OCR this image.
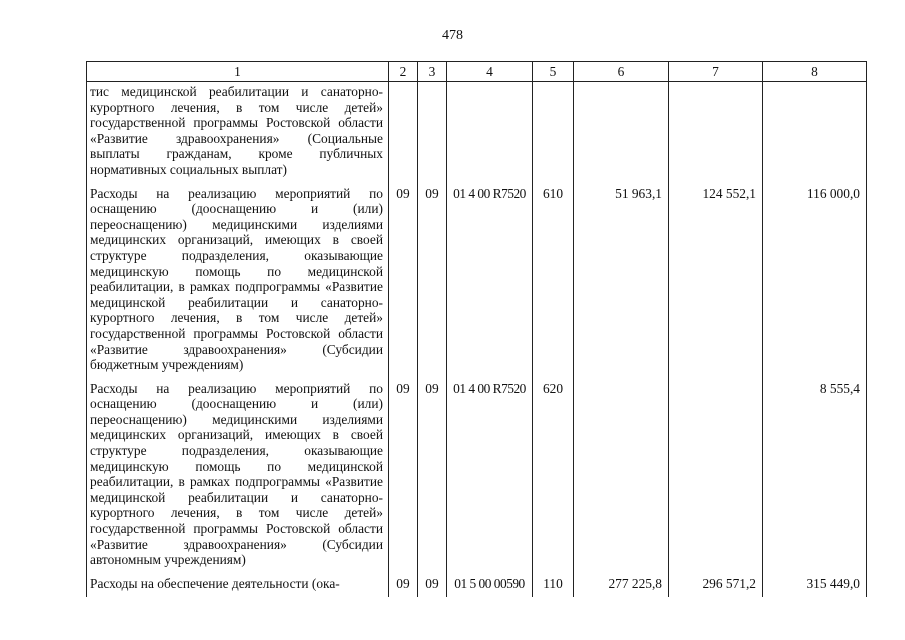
478
1	2	3	4	5	6	7	8
тис медицинской реабилитации и санаторно-курортного лечения, в том числе детей» государственной программы Ростовской области «Развитие здравоохранения» (Социальные выплаты гражданам, кроме публичных нормативных социальных выплат)							
Расходы на реализацию мероприятий по оснащению (дооснащению и (или) переоснащению) медицинскими изделиями медицинских организаций, имеющих в своей структуре подразделения, оказывающие медицинскую помощь по медицинской реабилитации, в рамках подпрограммы «Развитие медицинской реабилитации и санаторно-курортного лечения, в том числе детей» государственной программы Ростовской области «Развитие здравоохранения» (Субсидии бюджетным учреждениям)	09	09	01 4 00 R7520	610	51 963,1	124 552,1	116 000,0
Расходы на реализацию мероприятий по оснащению (дооснащению и (или) переоснащению) медицинскими изделиями медицинских организаций, имеющих в своей структуре подразделения, оказывающие медицинскую помощь по медицинской реабилитации, в рамках подпрограммы «Развитие медицинской реабилитации и санаторно-курортного лечения, в том числе детей» государственной программы Ростовской области «Развитие здравоохранения» (Субсидии автономным учреждениям)	09	09	01 4 00 R7520	620			8 555,4
Расходы на обеспечение деятельности (ока-	09	09	01 5 00 00590	110	277 225,8	296 571,2	315 449,0
